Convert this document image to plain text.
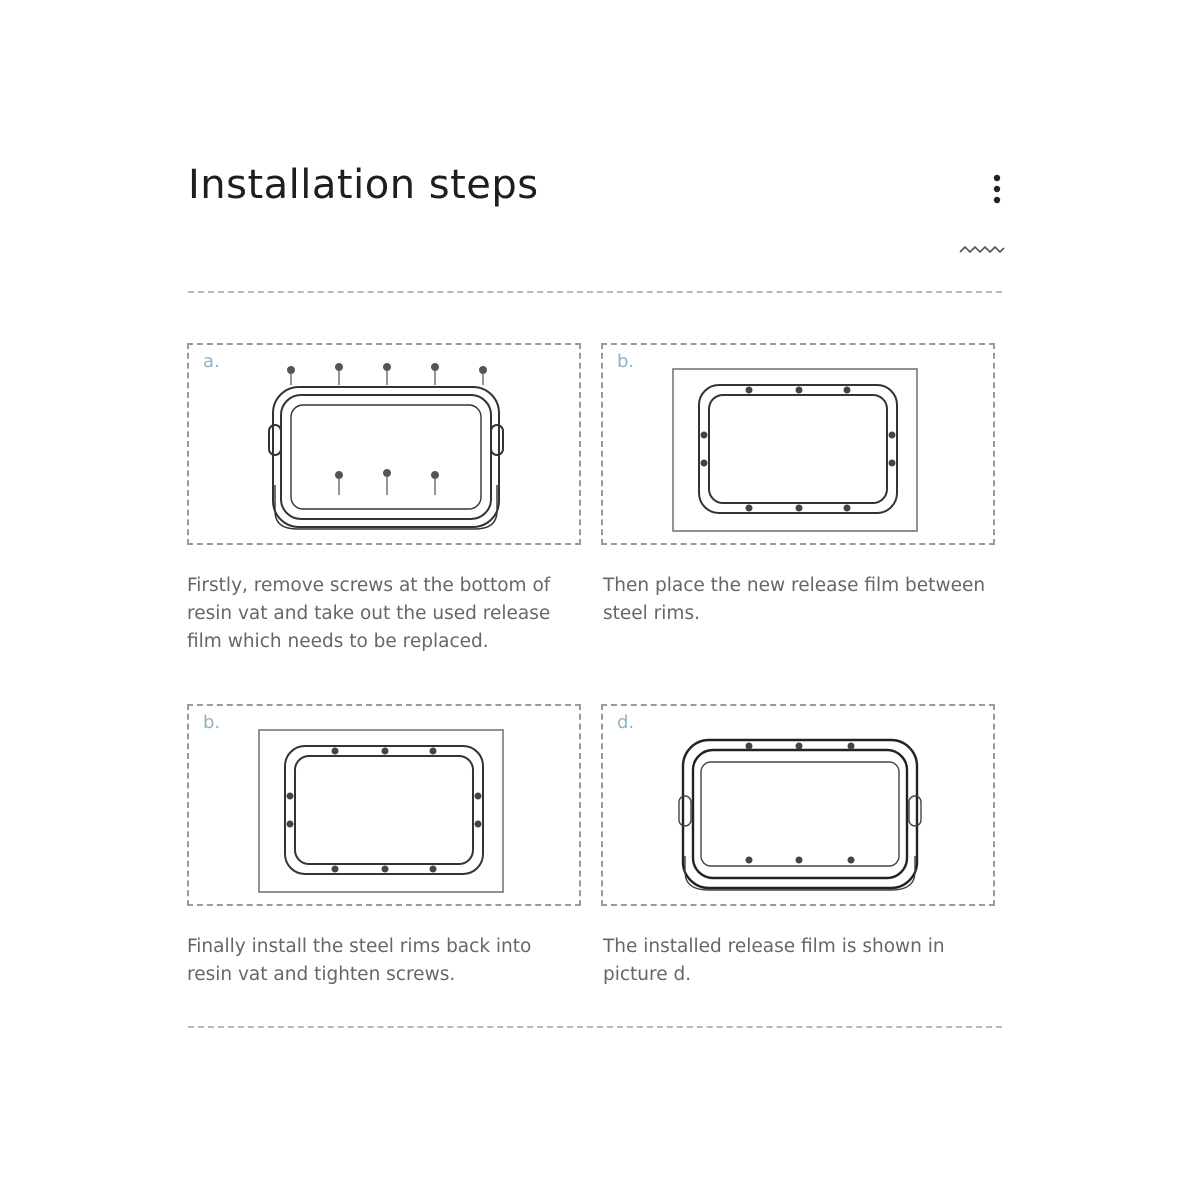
Installation steps
a.	b.
Firstly, remove screws at the bottom of resin vat and take out the used release film which needs to be replaced.
Then place the new release film between steel rims.
b.	d.
Finally install the steel rims back into resin vat and tighten screws.
The installed release film is shown in picture d.
